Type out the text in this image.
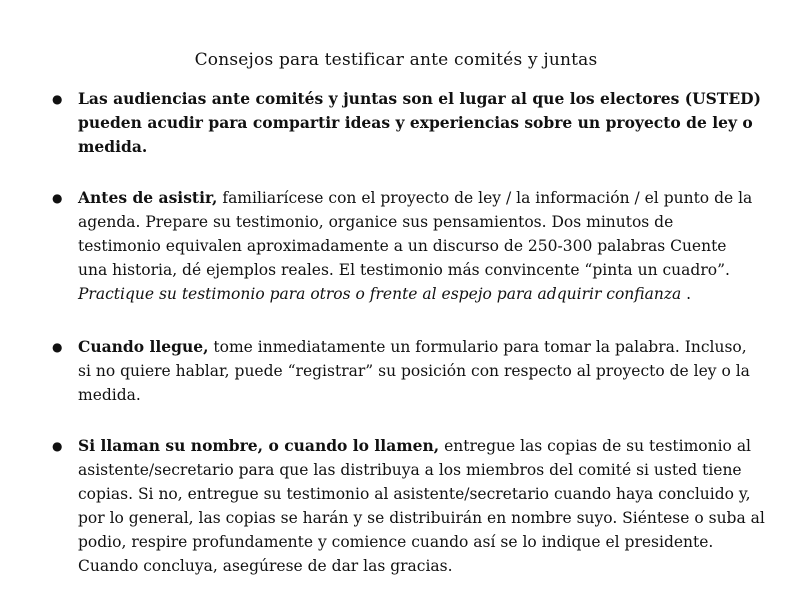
Consejos para testificar ante comités y juntas
● Las audiencias ante comités y juntas son el lugar al que los electores (USTED) pueden acudir para compartir ideas y experiencias sobre un proyecto de ley o medida.
● Antes de asistir, familiarícese con el proyecto de ley / la información / el punto de la agenda. Prepare su testimonio, organice sus pensamientos. Dos minutos de testimonio equivalen aproximadamente a un discurso de 250-300 palabras Cuente una historia, dé ejemplos reales. El testimonio más convincente “pinta un cuadro”. Practique su testimonio para otros o frente al espejo para adquirir confianza .
● Cuando llegue, tome inmediatamente un formulario para tomar la palabra. Incluso, si no quiere hablar, puede “registrar” su posición con respecto al proyecto de ley o la medida.
● Si llaman su nombre, o cuando lo llamen, entregue las copias de su testimonio al asistente/secretario para que las distribuya a los miembros del comité si usted tiene copias. Si no, entregue su testimonio al asistente/secretario cuando haya concluido y, por lo general, las copias se harán y se distribuirán en nombre suyo. Siéntese o suba al podio, respire profundamente y comience cuando así se lo indique el presidente. Cuando concluya, asegúrese de dar las gracias.
